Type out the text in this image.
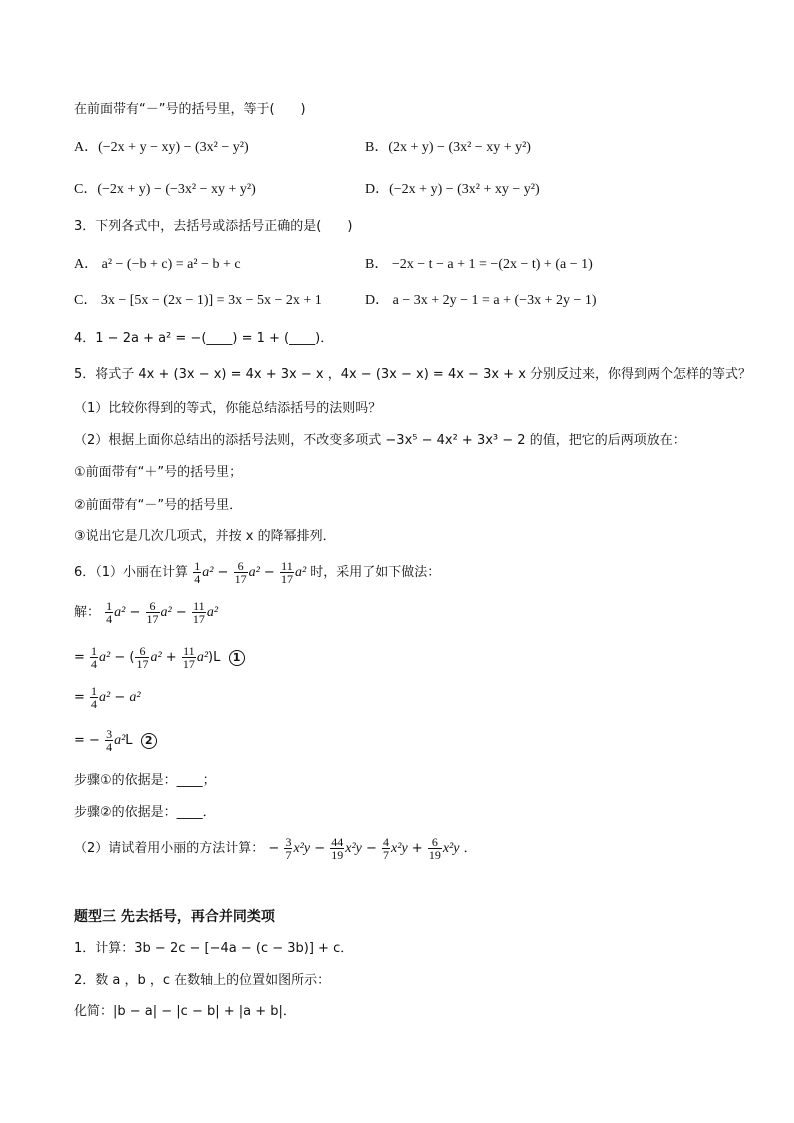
在前面带有“－”号的括号里，等于(　　)
A．(−2x + y − xy) − (3x² − y²)	B．(2x + y) − (3x² − xy + y²)
C．(−2x + y) − (−3x² − xy + y²)	D．(−2x + y) − (3x² + xy − y²)
3．下列各式中，去括号或添括号正确的是(　　)
A． a² − (−b + c) = a² − b + c	B． −2x − t − a + 1 = −(2x − t) + (a − 1)
C． 3x − [5x − (2x − 1)] = 3x − 5x − 2x + 1	D． a − 3x + 2y − 1 = a + (−3x + 2y − 1)
4．1 − 2a + a² = −(____) = 1 + (____)．
5．将式子 4x + (3x − x) = 4x + 3x − x ，4x − (3x − x) = 4x − 3x + x 分别反过来，你得到两个怎样的等式？
（1）比较你得到的等式，你能总结添括号的法则吗？
（2）根据上面你总结出的添括号法则，不改变多项式 −3x⁵ − 4x² + 3x³ − 2 的值，把它的后两项放在：
①前面带有“＋”号的括号里；
②前面带有“－”号的括号里．
③说出它是几次几项式，并按 x 的降幂排列．
6．（1）小丽在计算 $\frac{1}{4} a^2 - \frac{6}{17} a^2 - \frac{11}{17} a^2$ 时，采用了如下做法：
解： $\frac{1}{4} a^2 - \frac{6}{17} a^2 - \frac{11}{17} a^2$
= $\frac{1}{4} a^2$ − ( $\frac{6}{17} a^2 + \frac{11}{17} a^2)L$ 1
= $\frac{1}{4} a^2 - a^2$
= − $\frac{3}{4} a^2L$ 2
步骤①的依据是：____；
步骤②的依据是：____．
（2）请试着用小丽的方法计算： − $\frac{3}{7} x^2y - \frac{44}{19} x^2y - \frac{4}{7} x^2y + \frac{6}{19} x^2y$ ．
题型三 先去括号，再合并同类项
1．计算：3b − 2c − [−4a − (c − 3b)] + c．
2．数 a ，b ，c 在数轴上的位置如图所示：
化简：|b − a| − |c − b| + |a + b|．
